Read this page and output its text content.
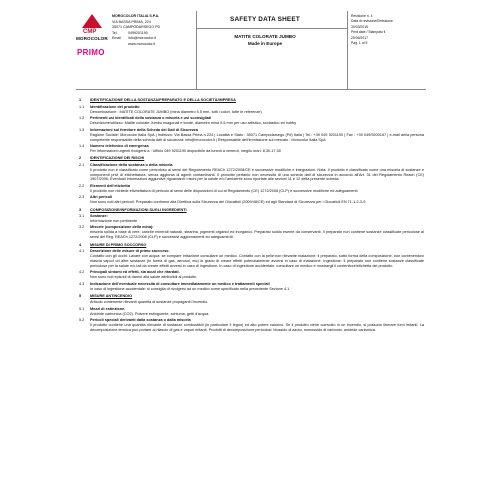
CMP
MOROCOLOR
PRIMO
MOROCOLOR ITALIA S.P.A.
VIA BASSA PRIMA, 224
35071 CAMPODARSEGO PD
Tel.	0499201190
Email info@morocolor.it
www.morocolor.it
SAFETY DATA SHEET
MATITE COLORATE JUMBO
Made in Europe
Revisione n. 4
Data di revisione/Emissione
30/03/2015
Print date / Stampato il
20/06/2017
Pag. 1 of 5
1	IDENTIFICAZIONE DELLA SOSTANZA/PREPARATO E DELLA SOCIETÀ/IMPRESA
1.1	Identificazione del prodotto
Denominazione : MATITE COLORATE JUMBO (mina diametro 5.5 mm- tutti i colori, tutte le referenze)
1.2	Pertinenti usi identificati della sostanza o miscela e usi sconsigliati
Descrizione/utilizzo: Matite colorate Jumbo esagonali e tonde, diametro mina 5.5 mm per uso artistico, scolastico ed hobby
1.3	Informazioni sul fornitore della Scheda dei Dati di Sicurezza
Ragione Sociale: Morocolor Italia SpA | Indirizzo: Via Bassa Prima n.224 | Località e Stato : 35071 Campodarsego (Pd) Italia | Tel.: +39 049 9201190 | Fax : +39 049/9200167 | e-mail della persona competente responsabile della scheda dati di sicurezza: info@morocolor.it | Responsabile dell'immissione sul mercato : Morocolor Italia SpA
1.4	Numero telefonico di emergenza
Per informazioni urgenti rivolgersi a : Ufficio 049 9201190 disponibile da lunedì a venerdì, meglio orari: 8,30-17,30
2	IDENTIFICAZIONE DEI RISCHI
2.1	Classificazione della sostanza o della miscela
Il prodotto non è classificato come pericoloso ai sensi del Regolamento REACh 1272/2008/CE e successive modifiche e integrazioni. Nota: Il prodotto è classificato come una miscela di sostanze e componenti privi di etichettatura, senza aggiunta di agenti contaminanti. Il prodotto pertanto non necessita di una scheda dati di sicurezza in accordo all'Art. 31 del Regolamento Reach (CE) 1907/2006. Eventuali informazioni aggiuntive riguardanti i rischi per la salute e/o l'ambiente sono riportate alle sezioni 11 e 12 della presente scheda.
2.2	Elementi dell'etichetta
Il prodotto non richiede etichettatura di pericolo ai sensi delle disposizioni di cui al Regolamento (CE) 1272/2008 (CLP) e successive modifiche ed adeguamenti.
2.3	Altri pericoli
Non sono noti altri pericoli. Preparato conforme alla Direttiva sulla Sicurezza dei Giocattoli (2009/48/CE) ed agli Standard di Sicurezza per i Giocattoli EN 71-1-2-3-9.
3	COMPOSIZIONE/INFORMAZIONI SUGLI INGREDIENTI
3.1	Sostanze:
Informazione non pertinente
3.2	Miscele (composizione della mina):
miscela solida a base di cere, cariche minerali naturali, stearina, pigmenti organici ed inorganici. Preparato solido esente da conservanti. Il preparato non contiene sostanze classificate pericolose ai sensi del Reg. REACh 1272/2008 (CLP) e successivi aggiornamenti ed adeguamenti.
4	MISURE DI PRIMO SOCCORSO
4.1	Descrizione delle misure di primo soccorso.
Contatto con gli occhi: Lavare con acqua: se compare irritazione consultare un medico. Contatto con la pelle:non rilevante Inalazione: il preparato, sotto forma della composizione, non contenendovi rilascia vapori od altre sostanze (in forma di gas, aerosol, etc) in grado di creare effetti potenzialmente avversi in caso di inalazione. Ingestione: Il preparato non contiene sostanze classificate pericolose per la salute e/o tali da creare effetti avversi in caso di ingestione. In caso di ingestione accidentale, consultare un medico e mostrargli il contenitore/etichetta del prodotto.
4.2	Principali sintomi ed effetti, sia acuti che ritardati.
Non sono noti episodi di danno alla salute attribuibili al prodotto
4.3	Indicazione dell'eventuale necessità di consultare immediatamente un medico e trattamenti speciali
In caso di ingestione accidentale: si consiglia di rivolgersi ad un medico come specificato nella precedente Sezione 4.1.
5	MISURE ANTINCENDIO
Articolo contenente rilevanti quantità di sostanze propaganti l'incendio.
5.1	Mezzi di estinzione.
Anidride carbonica (CO2). Polvere estinguente, schiuma, getti d'acqua.
5.2	Pericoli speciali derivanti dalla sostanza o dalla miscela
Il prodotto contiene una quantità rilevante di sostanze combustibili (in particolare il legno) ed alto potere calorico. Se il prodotto viene coinvolto in un incendio, si possono liberare fumi irritanti. La decomposizione termica può portare al rilascio di gas e vapori irritanti. Prodotti di decomposizione pericolosi: biossido di azoto, monossido di carbonio, anidride carbonica.
